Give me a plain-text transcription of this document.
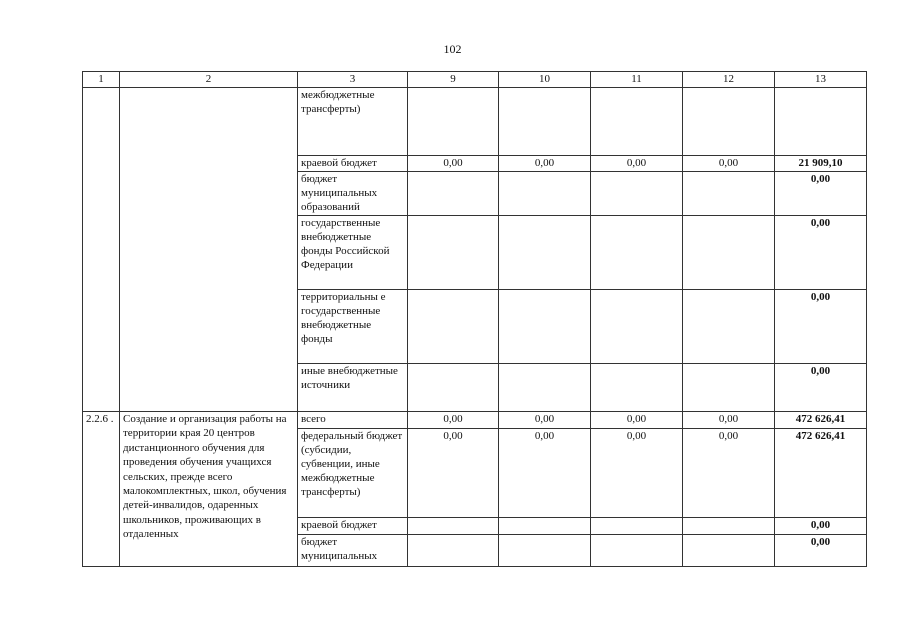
102
1	2	3	9	10	11	12	13
		межбюджетные трансферты)					
		краевой бюджет	0,00	0,00	0,00	0,00	21 909,10
		бюджет муниципальных образований					0,00
		государственные внебюджетные фонды Российской Федерации					0,00
		территориальны е государственные внебюджетные фонды					0,00
		иные внебюджетные источники					0,00
2.2.6 .	Создание и организация работы на территории края 20 центров дистанционного обучения для проведения обучения учащихся сельских, прежде всего малокомплектных, школ, обучения детей-инвалидов, одаренных школьников, проживающих в отдаленных	всего	0,00	0,00	0,00	0,00	472 626,41
		федеральный бюджет (субсидии, субвенции, иные межбюджетные трансферты)	0,00	0,00	0,00	0,00	472 626,41
		краевой бюджет					0,00
		бюджет муниципальных					0,00
